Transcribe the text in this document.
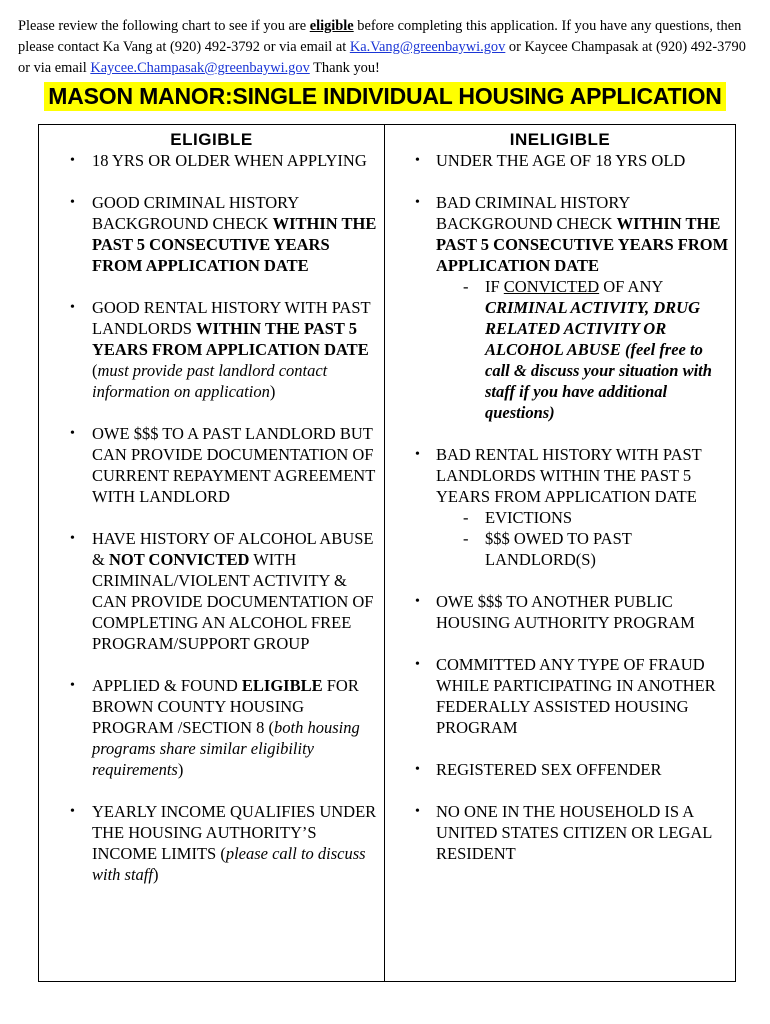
Please review the following chart to see if you are eligible before completing this application. If you have any questions, then please contact Ka Vang at (920) 492-3792 or via email at Ka.Vang@greenbaywi.gov or Kaycee Champasak at (920) 492-3790 or via email Kaycee.Champasak@greenbaywi.gov Thank you!
MASON MANOR:SINGLE INDIVIDUAL HOUSING APPLICATION
ELIGIBLE
• 18 YRS OR OLDER WHEN APPLYING
• GOOD CRIMINAL HISTORY BACKGROUND CHECK WITHIN THE PAST 5 CONSECUTIVE YEARS FROM APPLICATION DATE
• GOOD RENTAL HISTORY WITH PAST LANDLORDS WITHIN THE PAST 5 YEARS FROM APPLICATION DATE (must provide past landlord contact information on application)
• OWE $$$ TO A PAST LANDLORD BUT CAN PROVIDE DOCUMENTATION OF CURRENT REPAYMENT AGREEMENT WITH LANDLORD
• HAVE HISTORY OF ALCOHOL ABUSE & NOT CONVICTED WITH CRIMINAL/VIOLENT ACTIVITY & CAN PROVIDE DOCUMENTATION OF COMPLETING AN ALCOHOL FREE PROGRAM/SUPPORT GROUP
• APPLIED & FOUND ELIGIBLE FOR BROWN COUNTY HOUSING PROGRAM /SECTION 8 (both housing programs share similar eligibility requirements)
• YEARLY INCOME QUALIFIES UNDER THE HOUSING AUTHORITY’S INCOME LIMITS (please call to discuss with staff)
INELIGIBLE
• UNDER THE AGE OF 18 YRS OLD
• BAD CRIMINAL HISTORY BACKGROUND CHECK WITHIN THE PAST 5 CONSECUTIVE YEARS FROM APPLICATION DATE
- IF CONVICTED OF ANY CRIMINAL ACTIVITY, DRUG RELATED ACTIVITY OR ALCOHOL ABUSE (feel free to call & discuss your situation with staff if you have additional questions)
• BAD RENTAL HISTORY WITH PAST LANDLORDS WITHIN THE PAST 5 YEARS FROM APPLICATION DATE
- EVICTIONS
- $$$ OWED TO PAST LANDLORD(S)
• OWE $$$ TO ANOTHER PUBLIC HOUSING AUTHORITY PROGRAM
• COMMITTED ANY TYPE OF FRAUD WHILE PARTICIPATING IN ANOTHER FEDERALLY ASSISTED HOUSING PROGRAM
• REGISTERED SEX OFFENDER
• NO ONE IN THE HOUSEHOLD IS A UNITED STATES CITIZEN OR LEGAL RESIDENT
